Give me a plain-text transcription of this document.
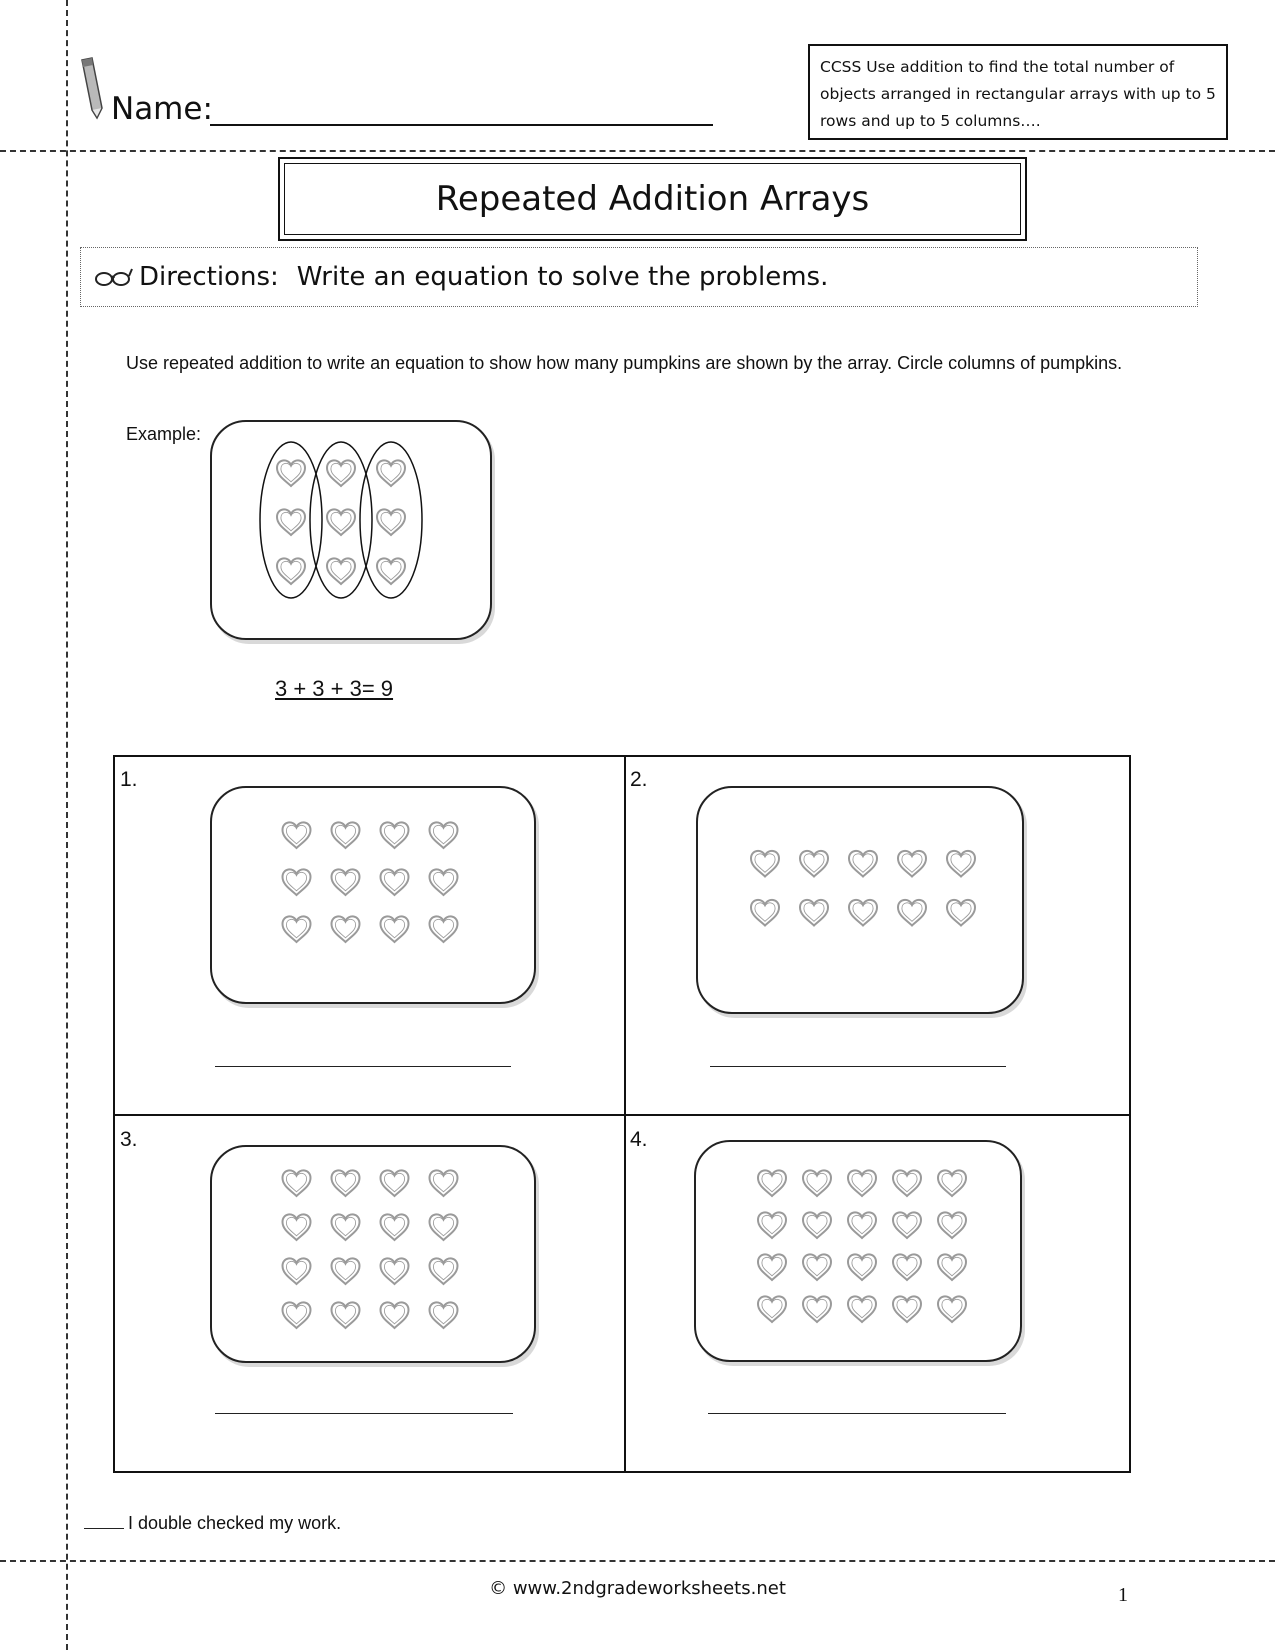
Name:
CCSS Use addition to find the total number of objects arranged in rectangular arrays with up to 5 rows and up to 5 columns….
Repeated Addition Arrays
Directions: Write an equation to solve the problems.
Use repeated addition to write an equation to show how many pumpkins are shown by the array. Circle columns of pumpkins.
Example:
3 + 3 + 3= 9
1.	2.
3.	4.
I double checked my work.
© www.2ndgradeworksheets.net	1
